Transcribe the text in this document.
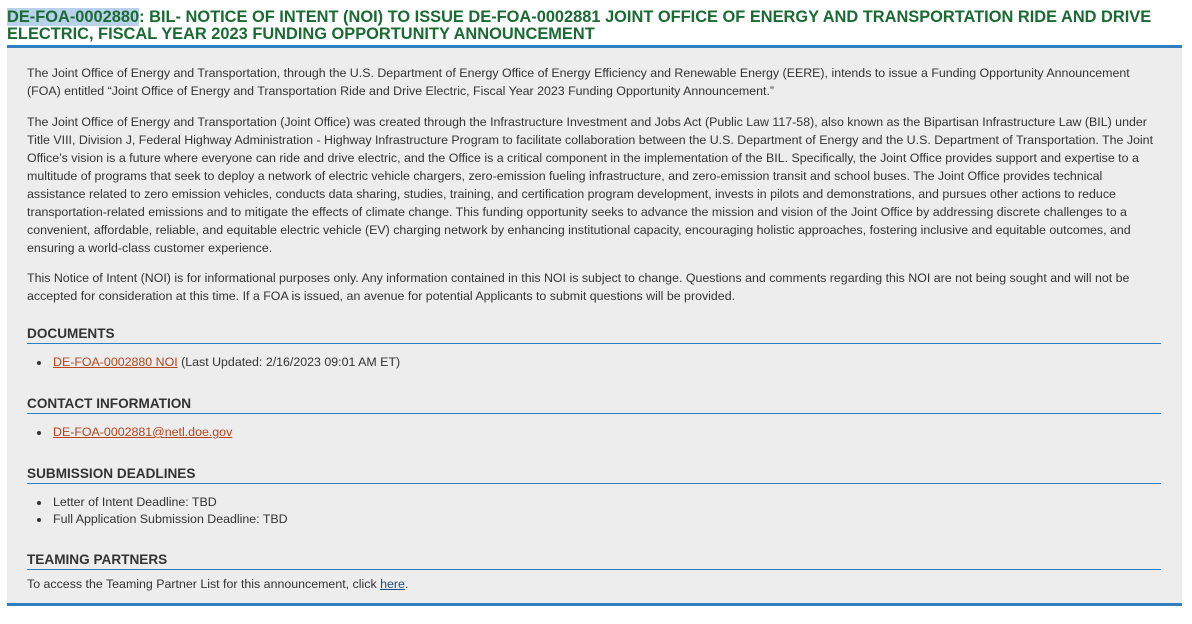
DE-FOA-0002880: BIL- NOTICE OF INTENT (NOI) TO ISSUE DE-FOA-0002881 JOINT OFFICE OF ENERGY AND TRANSPORTATION RIDE AND DRIVE ELECTRIC, FISCAL YEAR 2023 FUNDING OPPORTUNITY ANNOUNCEMENT

The Joint Office of Energy and Transportation, through the U.S. Department of Energy Office of Energy Efficiency and Renewable Energy (EERE), intends to issue a Funding Opportunity Announcement (FOA) entitled “Joint Office of Energy and Transportation Ride and Drive Electric, Fiscal Year 2023 Funding Opportunity Announcement.”

The Joint Office of Energy and Transportation (Joint Office) was created through the Infrastructure Investment and Jobs Act (Public Law 117-58), also known as the Bipartisan Infrastructure Law (BIL) under Title VIII, Division J, Federal Highway Administration - Highway Infrastructure Program to facilitate collaboration between the U.S. Department of Energy and the U.S. Department of Transportation. The Joint Office’s vision is a future where everyone can ride and drive electric, and the Office is a critical component in the implementation of the BIL. Specifically, the Joint Office provides support and expertise to a multitude of programs that seek to deploy a network of electric vehicle chargers, zero-emission fueling infrastructure, and zero-emission transit and school buses. The Joint Office provides technical assistance related to zero emission vehicles, conducts data sharing, studies, training, and certification program development, invests in pilots and demonstrations, and pursues other actions to reduce transportation-related emissions and to mitigate the effects of climate change. This funding opportunity seeks to advance the mission and vision of the Joint Office by addressing discrete challenges to a convenient, affordable, reliable, and equitable electric vehicle (EV) charging network by enhancing institutional capacity, encouraging holistic approaches, fostering inclusive and equitable outcomes, and ensuring a world-class customer experience.

This Notice of Intent (NOI) is for informational purposes only. Any information contained in this NOI is subject to change. Questions and comments regarding this NOI are not being sought and will not be accepted for consideration at this time. If a FOA is issued, an avenue for potential Applicants to submit questions will be provided.

DOCUMENTS
DE-FOA-0002880 NOI (Last Updated: 2/16/2023 09:01 AM ET)
CONTACT INFORMATION
DE-FOA-0002881@netl.doe.gov
SUBMISSION DEADLINES
Letter of Intent Deadline: TBD
Full Application Submission Deadline: TBD
TEAMING PARTNERS
To access the Teaming Partner List for this announcement, click here.
